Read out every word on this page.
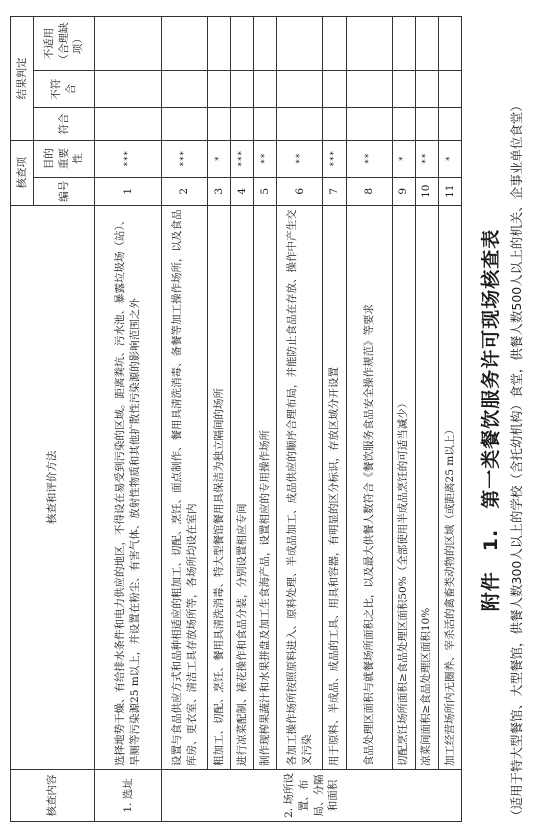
附件　1.　第一类餐饮服务许可现场核查表 （适用于特大型餐馆、大型餐馆，供餐人数300人以上的学校（含托幼机构）食堂，供餐人数500人以上的机关、企事业单位食堂）
核查内容	核查和评价方法	核查项		结果判定		
		编号	目的重要性	符合	不符合	不适用（合理缺项）
1. 选址	选择地势干燥、有给排水条件和电力供应的地区，不得设在易受到污染的区域。距离粪坑、污水池、暴露垃圾场（站）、旱厕等污染源25 m以上，并设置在粉尘、有害气体、放射性物质和其他扩散性污染源的影响范围之外	1	***			
2. 场所设置、布局、分隔和面积	设置与食品供应方式和品种相适应的粗加工、切配、烹饪、面点制作、餐用具清洗消毒、备餐等加工操作场所，以及食品库房、更衣室、清洁工具存放场所等，各场所均设在室内	2	***			
	粗加工、切配、烹饪、餐用具清洗消毒、特大型餐馆餐用具保洁为独立隔间的场所	3	*			
	进行凉菜配制、裱花操作和食品分装，分别设置相应专间	4	***			
	制作现榨果蔬汁和水果拼盘及加工生食海产品，设置相应的专用操作场所	5	**			
	各加工操作场所按照原料进入、原料处理、半成品加工、成品供应的顺序合理布局，并能防止食品在存放、操作中产生交叉污染	6	**			
	用于原料、半成品、成品的工具、用具和容器，有明显的区分标识，存放区域分开设置	7	***			
	食品处理区面积与就餐场所面积之比，以及最大供餐人数符合《餐饮服务食品安全操作规范》等要求	8	**			
	切配烹饪场所面积≥食品处理区面积50%（全部使用半成品烹饪的可适当减少）	9	*			
	凉菜间面积≥食品处理区面积10%	10	**			
	加工经营场所内无圈养、宰杀活的禽畜类动物的区域（或距离25 m以上）	11	*			
